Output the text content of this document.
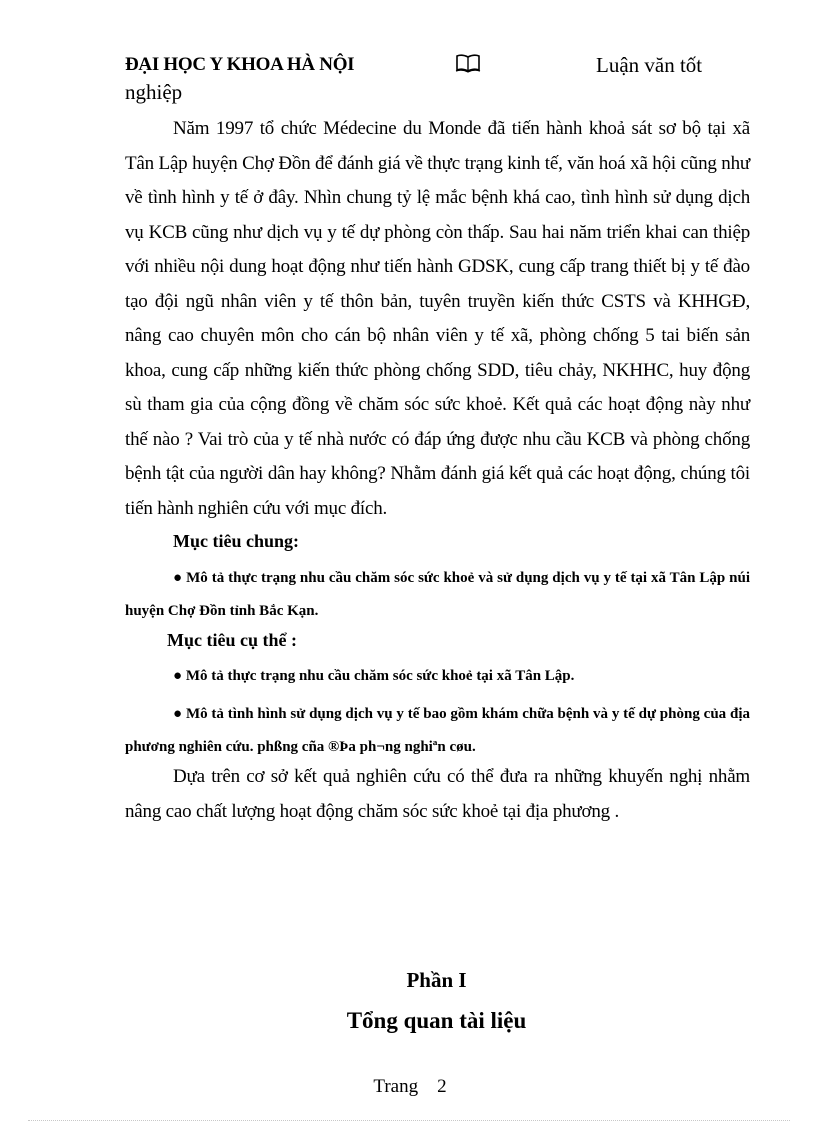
ĐẠI HỌC Y KHOA HÀ NỘI	Luận văn tốt
nghiệp
Năm 1997 tổ chức Médecine du Monde đã tiến hành khoả sát sơ bộ tại xã Tân Lập huyện Chợ Đồn để đánh giá về thực trạng kinh tế, văn hoá xã hội cũng như về tình hình y tế ở đây. Nhìn chung tỷ lệ mắc bệnh khá cao, tình hình sử dụng dịch vụ KCB cũng như dịch vụ y tế dự phòng còn thấp. Sau hai năm triển khai can thiệp với nhiều nội dung hoạt động như tiến hành GDSK, cung cấp trang thiết bị y tế đào tạo đội ngũ nhân viên y tế thôn bản, tuyên truyền kiến thức CSTS và KHHGĐ, nâng cao chuyên môn cho cán bộ nhân viên y tế xã, phòng chống 5 tai biến sản khoa, cung cấp những kiến thức phòng chống SDD, tiêu chảy, NKHHC, huy động sù tham gia của cộng đồng về chăm sóc sức khoẻ. Kết quả các hoạt động này như thế nào ? Vai trò của y tế nhà nước có đáp ứng được nhu cầu KCB và phòng chống bệnh tật của người dân hay không? Nhằm đánh giá kết quả các hoạt động, chúng tôi tiến hành nghiên cứu với mục đích.
Mục tiêu chung:
● Mô tả thực trạng nhu cầu chăm sóc sức khoẻ và sử dụng dịch vụ y tế tại xã Tân Lập núi huyện Chợ Đồn tỉnh Bắc Kạn.
Mục tiêu cụ thể :
● Mô tả thực trạng nhu cầu chăm sóc sức khoẻ tại xã Tân Lập.
● Mô tả tình hình sử dụng dịch vụ y tế bao gồm khám chữa bệnh và y tế dự phòng của địa phương nghiên cứu. phßng cña ®Þa ph¬ng nghiªn cøu.
Dựa trên cơ sở kết quả nghiên cứu có thể đưa ra những khuyến nghị nhằm nâng cao chất lượng hoạt động chăm sóc sức khoẻ tại địa phương .
Phần I
Tổng quan tài liệu
Trang    2
